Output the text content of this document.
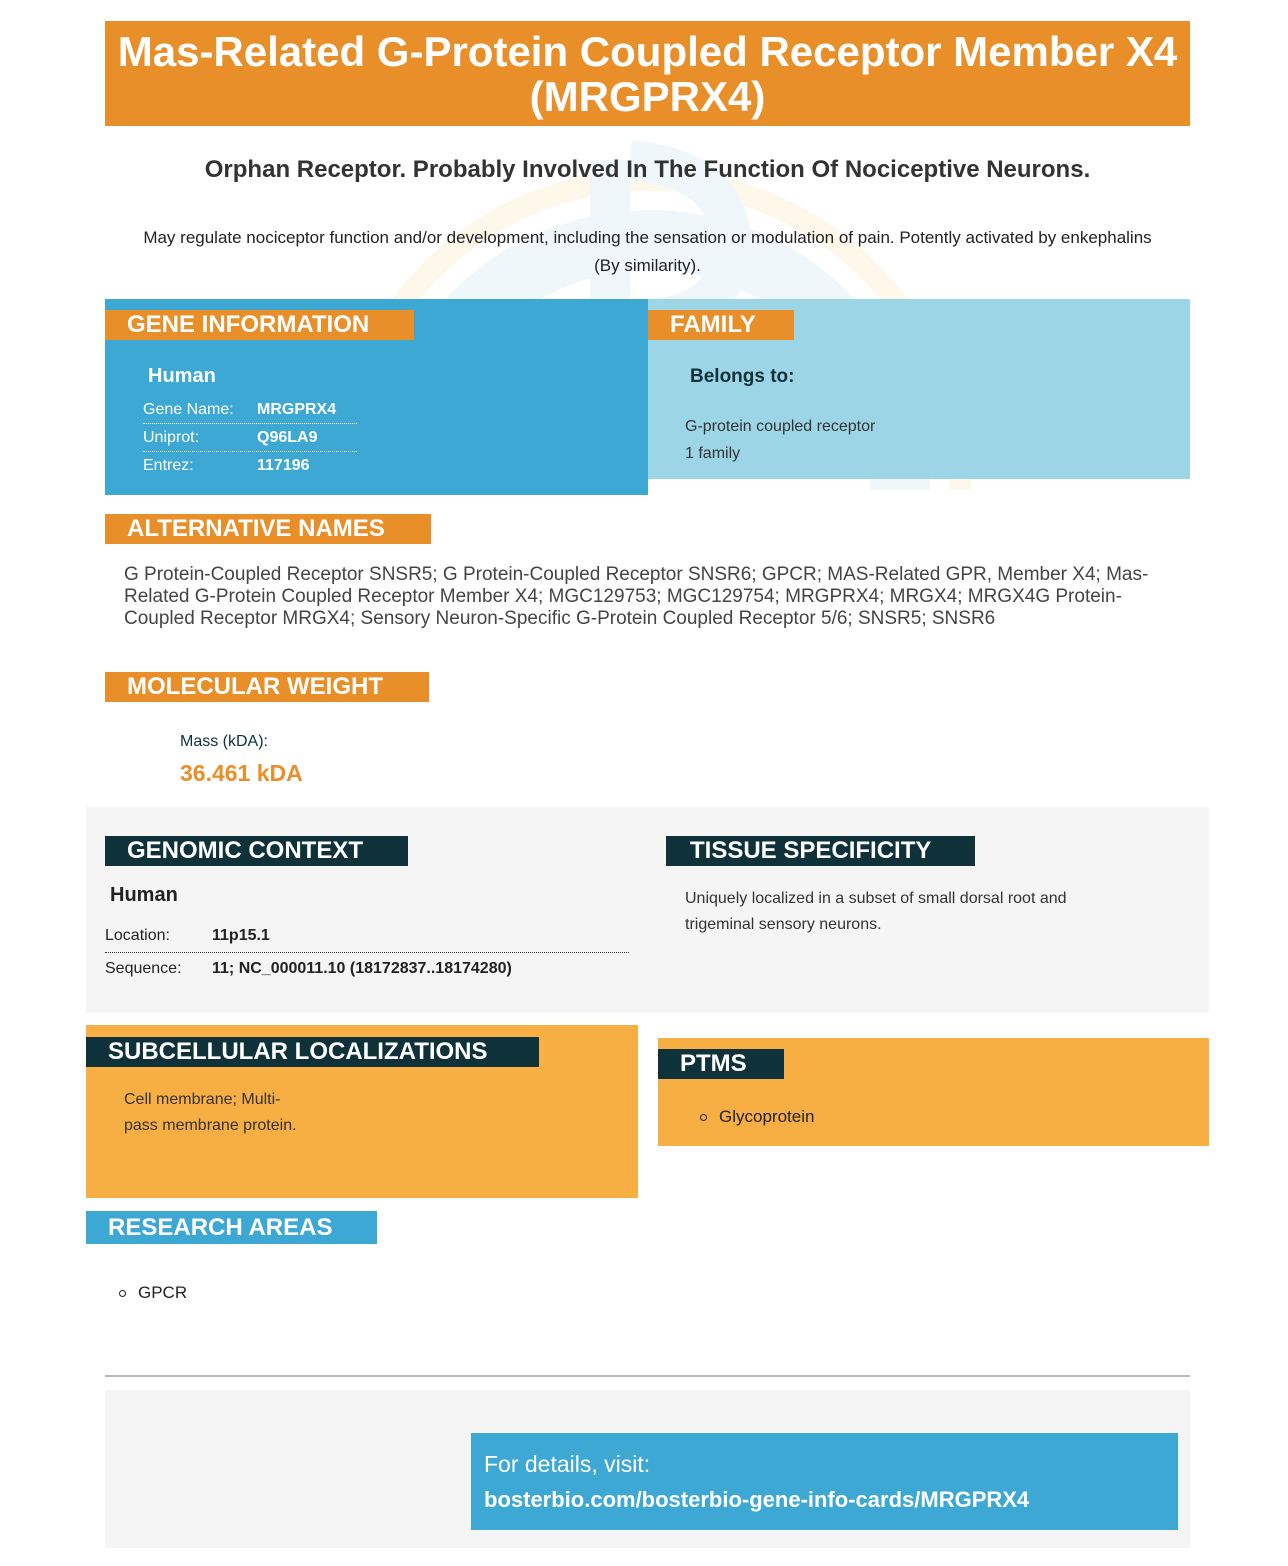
Mas-Related G-Protein Coupled Receptor Member X4 (MRGPRX4)
Orphan Receptor. Probably Involved In The Function Of Nociceptive Neurons.
May regulate nociceptor function and/or development, including the sensation or modulation of pain. Potently activated by enkephalins (By similarity).
GENE INFORMATION
Human
Gene Name:	MRGPRX4
Uniprot:	Q96LA9
Entrez:	117196
FAMILY
Belongs to:
G-protein coupled receptor
1 family
ALTERNATIVE NAMES
G Protein-Coupled Receptor SNSR5; G Protein-Coupled Receptor SNSR6; GPCR; MAS-Related GPR, Member X4; Mas-Related G-Protein Coupled Receptor Member X4; MGC129753; MGC129754; MRGPRX4; MRGX4; MRGX4G Protein-Coupled Receptor MRGX4; Sensory Neuron-Specific G-Protein Coupled Receptor 5/6; SNSR5; SNSR6
MOLECULAR WEIGHT
Mass (kDA):
36.461 kDA
GENOMIC CONTEXT
Human
Location:	11p15.1
Sequence:	11; NC_000011.10 (18172837..18174280)
TISSUE SPECIFICITY
Uniquely localized in a subset of small dorsal root and trigeminal sensory neurons.
SUBCELLULAR LOCALIZATIONS
Cell membrane; Multi-
pass membrane protein.
PTMS
Glycoprotein
RESEARCH AREAS
GPCR
For details, visit:
bosterbio.com/bosterbio-gene-info-cards/MRGPRX4
